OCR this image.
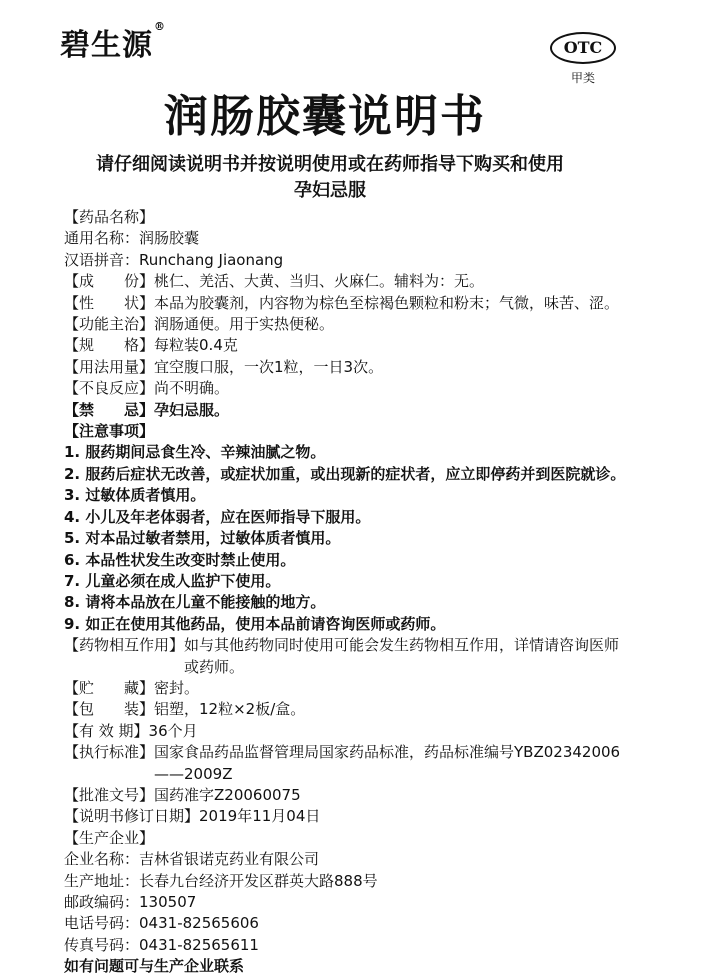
碧生源®
OTC
甲类
润肠胶囊说明书
请仔细阅读说明书并按说明使用或在药师指导下购买和使用
孕妇忌服
【药品名称】
通用名称：润肠胶囊
汉语拼音：Runchang Jiaonang
【成　　份】 桃仁、羌活、大黄、当归、火麻仁。辅料为：无。
【性　　状】 本品为胶囊剂，内容物为棕色至棕褐色颗粒和粉末；气微，味苦、涩。
【功能主治】 润肠通便。用于实热便秘。
【规　　格】 每粒装0.4克
【用法用量】 宜空腹口服，一次1粒，一日3次。
【不良反应】 尚不明确。
【禁　　忌】 孕妇忌服。
【注意事项】
1. 服药期间忌食生冷、辛辣油腻之物。
2. 服药后症状无改善，或症状加重，或出现新的症状者，应立即停药并到医院就诊。
3. 过敏体质者慎用。
4. 小儿及年老体弱者，应在医师指导下服用。
5. 对本品过敏者禁用，过敏体质者慎用。
6. 本品性状发生改变时禁止使用。
7. 儿童必须在成人监护下使用。
8. 请将本品放在儿童不能接触的地方。
9. 如正在使用其他药品，使用本品前请咨询医师或药师。
【药物相互作用】 如与其他药物同时使用可能会发生药物相互作用，详情请咨询医师或药师。
【贮　　藏】 密封。
【包　　装】 铝塑，12粒×2板/盒。
【有 效 期】 36个月
【执行标准】 国家食品药品监督管理局国家药品标准，药品标准编号YBZ02342006——2009Z
【批准文号】 国药准字Z20060075
【说明书修订日期】 2019年11月04日
【生产企业】
企业名称：吉林省银诺克药业有限公司
生产地址：长春九台经济开发区群英大路888号
邮政编码：130507
电话号码：0431-82565606
传真号码：0431-82565611
如有问题可与生产企业联系
